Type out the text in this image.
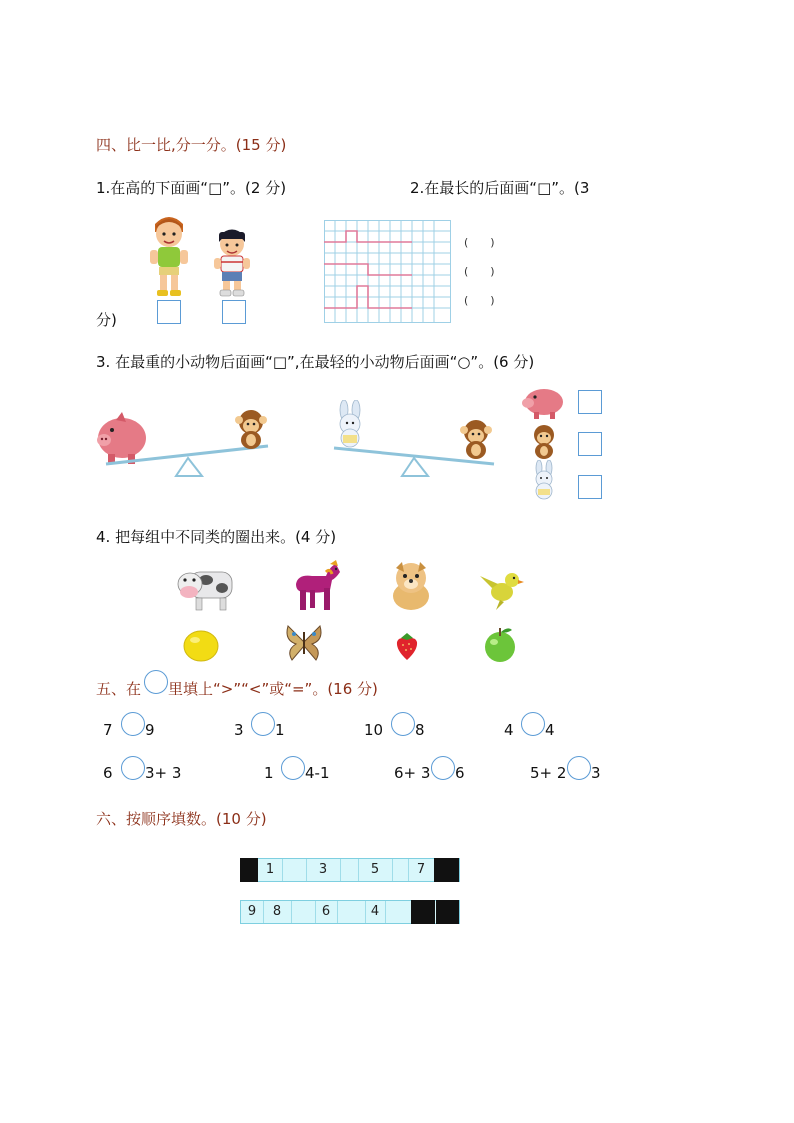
四、比一比,分一分。(15 分)
1.在高的下面画“□”。(2 分)	2.在最长的后面画“□”。(3
分)
(　　)
(　　)
(　　)
3. 在最重的小动物后面画“□”,在最轻的小动物后面画“○”。(6 分)
4. 把每组中不同类的圈出来。(4 分)
五、在 里填上“>”“<”或“=”。(16 分)
7 9	3 1	10 8	4 4
6 3+ 3	1 4-1	6+ 3 6	5+ 2 3
六、按顺序填数。(10 分)
1	3	5	7
9	8	6	4
